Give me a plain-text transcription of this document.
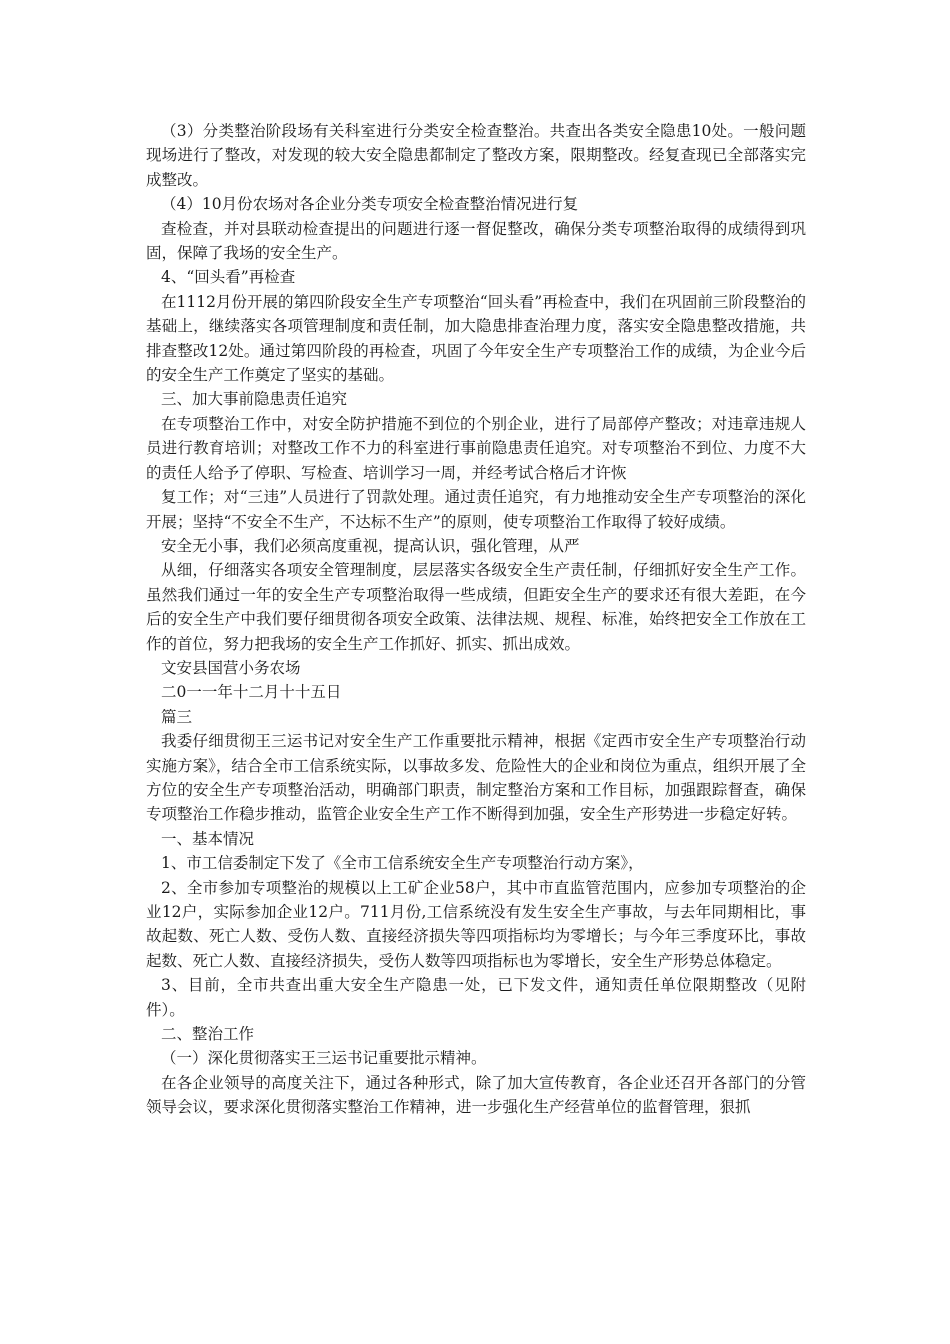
（3）分类整治阶段场有关科室进行分类安全检查整治。共查出各类安全隐患10处。一般问题现场进行了整改，对发现的较大安全隐患都制定了整改方案，限期整改。经复查现已全部落实完成整改。

（4）10月份农场对各企业分类专项安全检查整治情况进行复

查检查，并对县联动检查提出的问题进行逐一督促整改，确保分类专项整治取得的成绩得到巩固，保障了我场的安全生产。

4、“回头看”再检查

在1112月份开展的第四阶段安全生产专项整治“回头看”再检查中，我们在巩固前三阶段整治的基础上，继续落实各项管理制度和责任制，加大隐患排查治理力度，落实安全隐患整改措施，共排查整改12处。通过第四阶段的再检查，巩固了今年安全生产专项整治工作的成绩，为企业今后的安全生产工作奠定了坚实的基础。

三、加大事前隐患责任追究

在专项整治工作中，对安全防护措施不到位的个别企业，进行了局部停产整改；对违章违规人员进行教育培训；对整改工作不力的科室进行事前隐患责任追究。对专项整治不到位、力度不大的责任人给予了停职、写检查、培训学习一周，并经考试合格后才许恢

复工作；对“三违”人员进行了罚款处理。通过责任追究，有力地推动安全生产专项整治的深化开展；坚持“不安全不生产，不达标不生产”的原则，使专项整治工作取得了较好成绩。

安全无小事，我们必须高度重视，提高认识，强化管理，从严

从细，仔细落实各项安全管理制度，层层落实各级安全生产责任制，仔细抓好安全生产工作。虽然我们通过一年的安全生产专项整治取得一些成绩，但距安全生产的要求还有很大差距，在今后的安全生产中我们要仔细贯彻各项安全政策、法律法规、规程、标准，始终把安全工作放在工作的首位，努力把我场的安全生产工作抓好、抓实、抓出成效。

文安县国营小务农场

二0一一年十二月十十五日

篇三

我委仔细贯彻王三运书记对安全生产工作重要批示精神，根据《定西市安全生产专项整治行动实施方案》，结合全市工信系统实际，以事故多发、危险性大的企业和岗位为重点，组织开展了全方位的安全生产专项整治活动，明确部门职责，制定整治方案和工作目标，加强跟踪督查，确保专项整治工作稳步推动，监管企业安全生产工作不断得到加强，安全生产形势进一步稳定好转。

一、基本情况

1、市工信委制定下发了《全市工信系统安全生产专项整治行动方案》，

2、全市参加专项整治的规模以上工矿企业58户，其中市直监管范围内，应参加专项整治的企业12户，实际参加企业12户。711月份,工信系统没有发生安全生产事故，与去年同期相比，事故起数、死亡人数、受伤人数、直接经济损失等四项指标均为零增长；与今年三季度环比，事故起数、死亡人数、直接经济损失，受伤人数等四项指标也为零增长，安全生产形势总体稳定。

3、目前，全市共查出重大安全生产隐患一处，已下发文件，通知责任单位限期整改（见附件）。

二、整治工作

（一）深化贯彻落实王三运书记重要批示精神。

在各企业领导的高度关注下，通过各种形式，除了加大宣传教育，各企业还召开各部门的分管领导会议，要求深化贯彻落实整治工作精神，进一步强化生产经营单位的监督管理，狠抓
